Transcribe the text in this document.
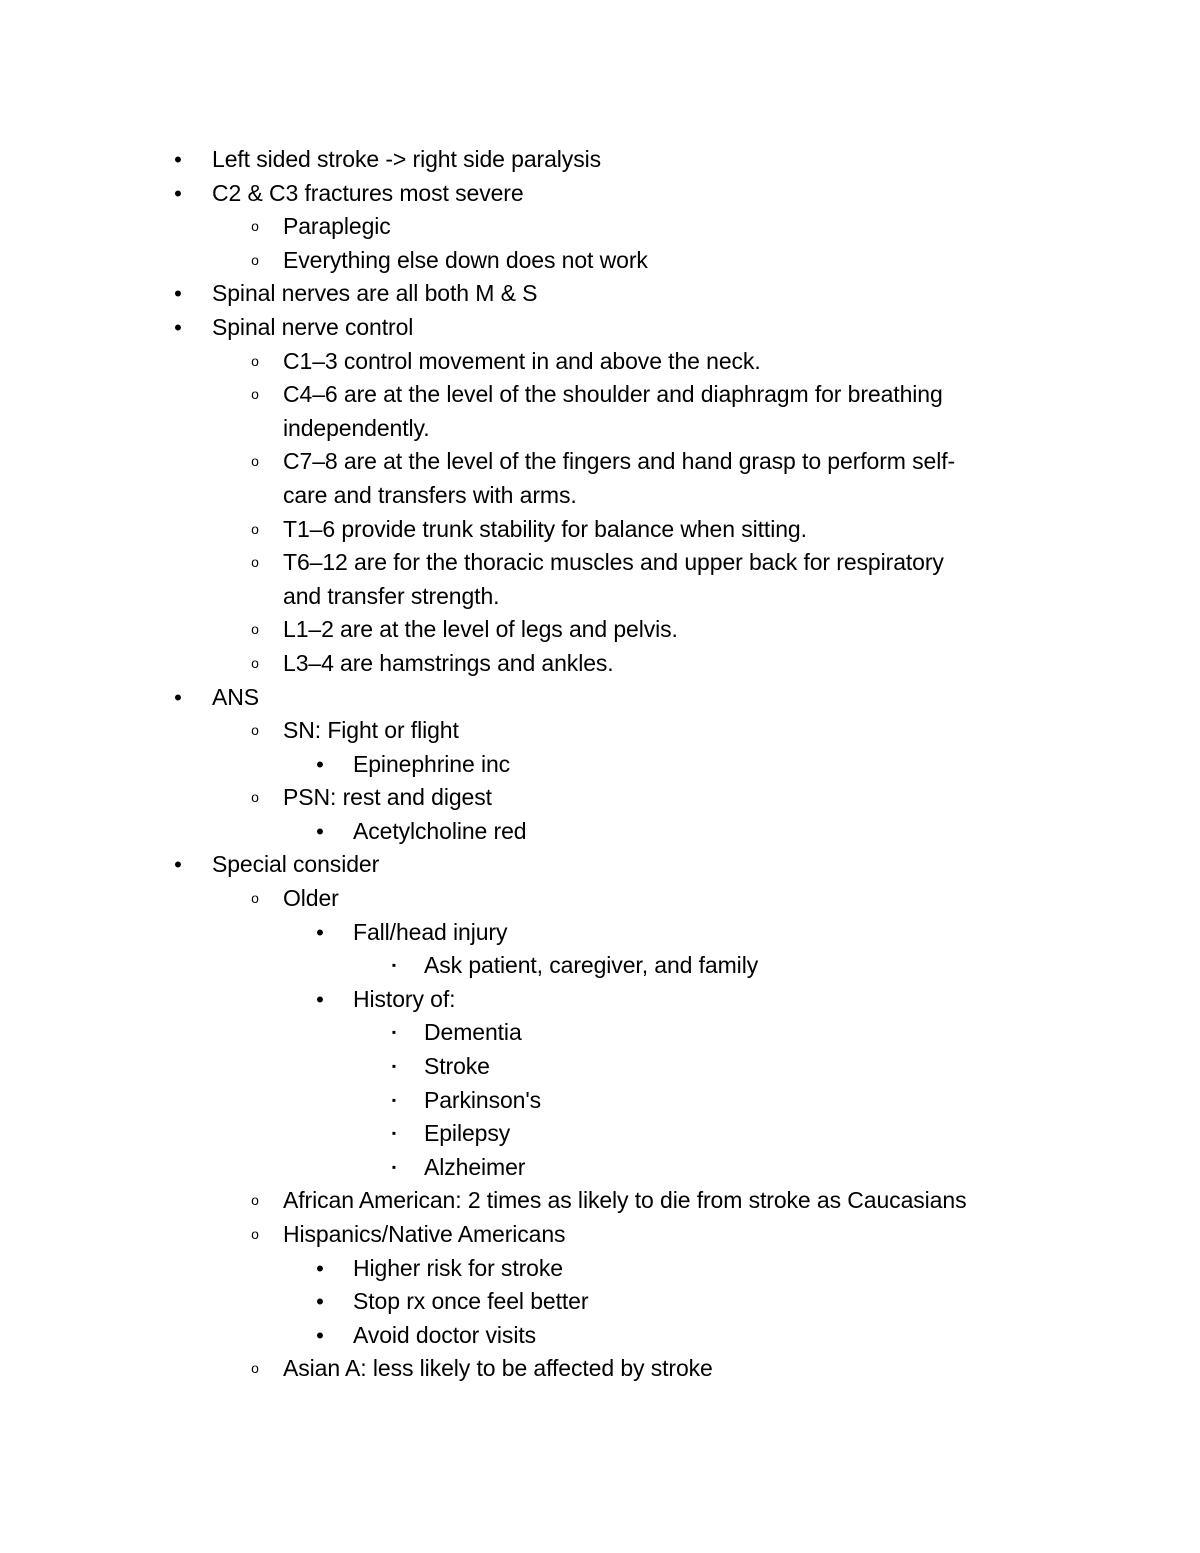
• Left sided stroke -> right side paralysis
• C2 & C3 fractures most severe
o Paraplegic
o Everything else down does not work
• Spinal nerves are all both M & S
• Spinal nerve control
o C1–3 control movement in and above the neck.
o C4–6 are at the level of the shoulder and diaphragm for breathing
independently.
o C7–8 are at the level of the fingers and hand grasp to perform self-
care and transfers with arms.
o T1–6 provide trunk stability for balance when sitting.
o T6–12 are for the thoracic muscles and upper back for respiratory
and transfer strength.
o L1–2 are at the level of legs and pelvis.
o L3–4 are hamstrings and ankles.
• ANS
o SN: Fight or flight
• Epinephrine inc
o PSN: rest and digest
• Acetylcholine red
• Special consider
o Older
• Fall/head injury
▪	Ask patient, caregiver, and family
• History of:
▪	Dementia
▪	Stroke
▪	Parkinson's
▪	Epilepsy
▪	Alzheimer
o African American: 2 times as likely to die from stroke as Caucasians
o Hispanics/Native Americans
• Higher risk for stroke
• Stop rx once feel better
• Avoid doctor visits
o Asian A: less likely to be affected by stroke
